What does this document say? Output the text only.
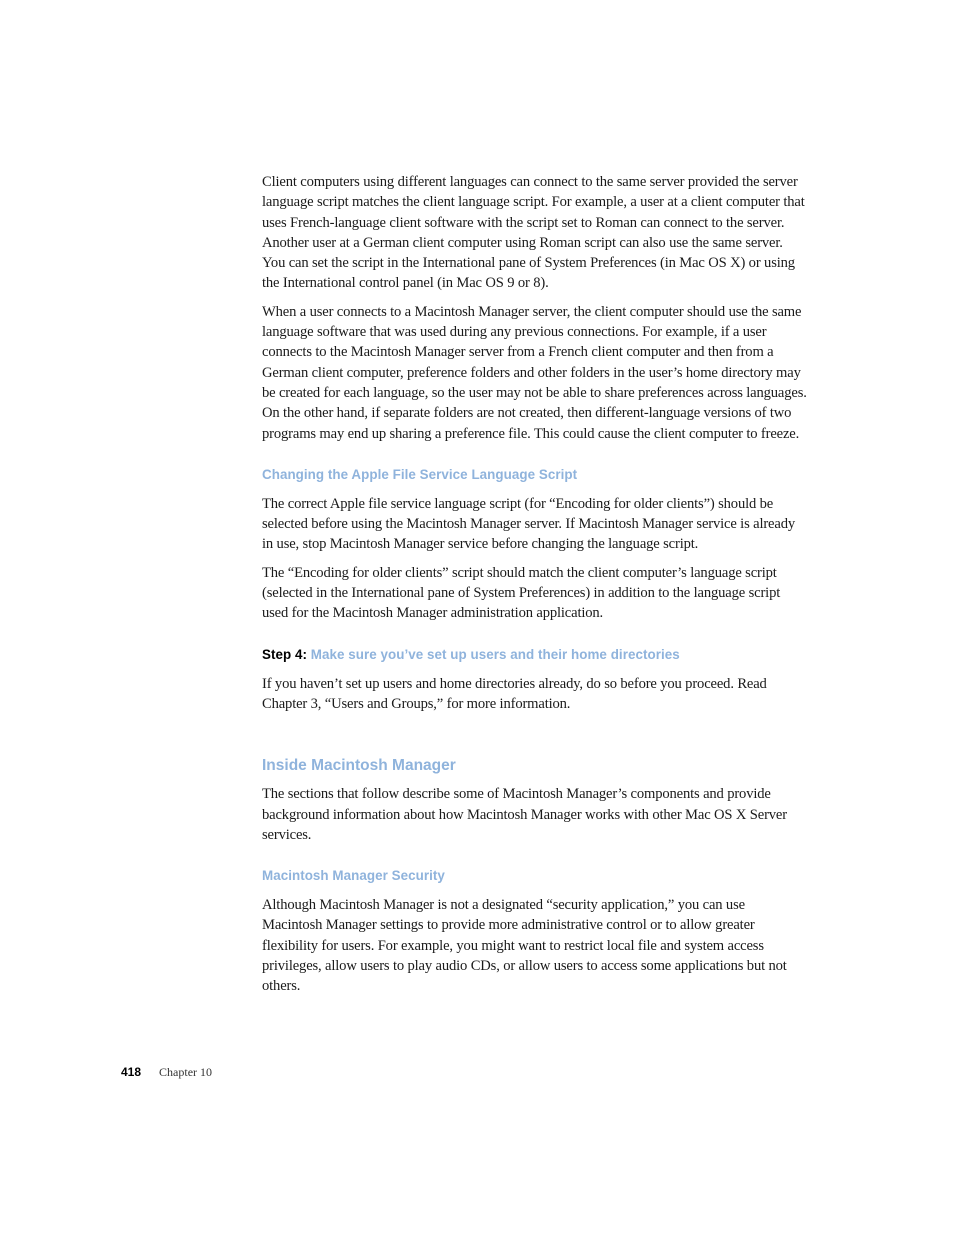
Client computers using different languages can connect to the same server provided the server language script matches the client language script. For example, a user at a client computer that uses French-language client software with the script set to Roman can connect to the server. Another user at a German client computer using Roman script can also use the same server. You can set the script in the International pane of System Preferences (in Mac OS X) or using the International control panel (in Mac OS 9 or 8).

When a user connects to a Macintosh Manager server, the client computer should use the same language software that was used during any previous connections. For example, if a user connects to the Macintosh Manager server from a French client computer and then from a German client computer, preference folders and other folders in the user’s home directory may be created for each language, so the user may not be able to share preferences across languages. On the other hand, if separate folders are not created, then different-language versions of two programs may end up sharing a preference file. This could cause the client computer to freeze.

Changing the Apple File Service Language Script

The correct Apple file service language script (for “Encoding for older clients”) should be selected before using the Macintosh Manager server. If Macintosh Manager service is already in use, stop Macintosh Manager service before changing the language script.

The “Encoding for older clients” script should match the client computer’s language script (selected in the International pane of System Preferences) in addition to the language script used for the Macintosh Manager administration application.

Step 4: Make sure you’ve set up users and their home directories

If you haven’t set up users and home directories already, do so before you proceed. Read Chapter 3, “Users and Groups,” for more information.

Inside Macintosh Manager

The sections that follow describe some of Macintosh Manager’s components and provide background information about how Macintosh Manager works with other Mac OS X Server services.

Macintosh Manager Security

Although Macintosh Manager is not a designated “security application,” you can use Macintosh Manager settings to provide more administrative control or to allow greater flexibility for users. For example, you might want to restrict local file and system access privileges, allow users to play audio CDs, or allow users to access some applications but not others.

418 Chapter 10
